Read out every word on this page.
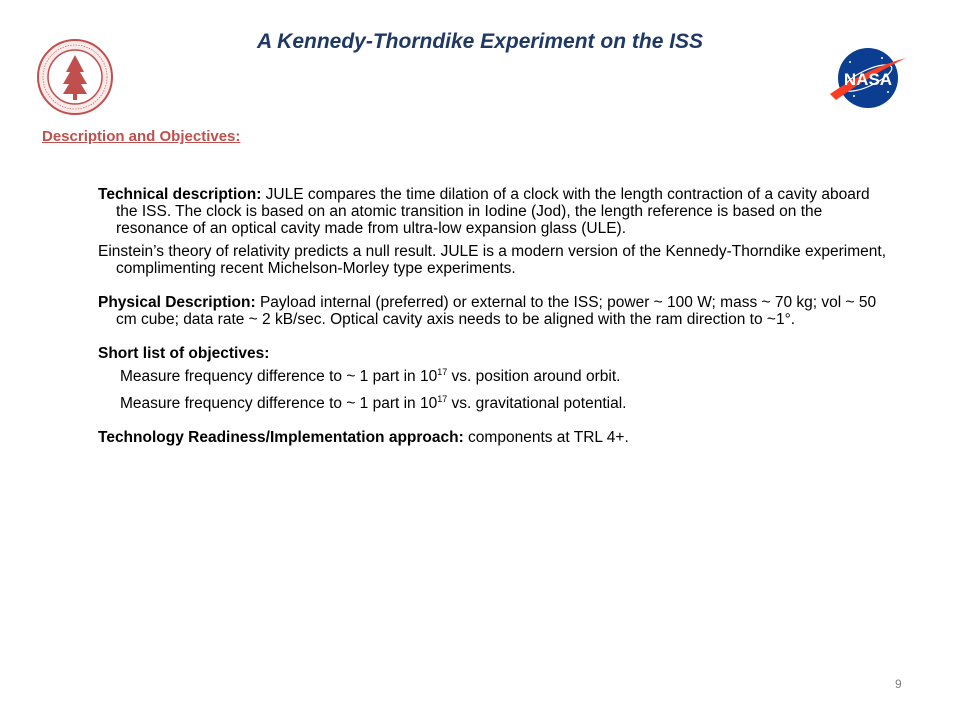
A Kennedy-Thorndike Experiment on the ISS
NASA
Description and Objectives:

Technical description: JULE compares the time dilation of a clock with the length contraction of a cavity aboard the ISS. The clock is based on an atomic transition in Iodine (Jod), the length reference is based on the resonance of an optical cavity made from ultra-low expansion glass (ULE).

Einstein’s theory of relativity predicts a null result. JULE is a modern version of the Kennedy-Thorndike experiment, complimenting recent Michelson-Morley type experiments.

Physical Description: Payload internal (preferred) or external to the ISS; power ~ 100 W; mass ~ 70 kg; vol ~ 50 cm cube; data rate ~ 2 kB/sec. Optical cavity axis needs to be aligned with the ram direction to ~1°.

Short list of objectives:

Measure frequency difference to ~ 1 part in $10^{17}$ vs. position around orbit.

Measure frequency difference to ~ 1 part in $10^{17}$ vs. gravitational potential.

Technology Readiness/Implementation approach: components at TRL 4+.

9
